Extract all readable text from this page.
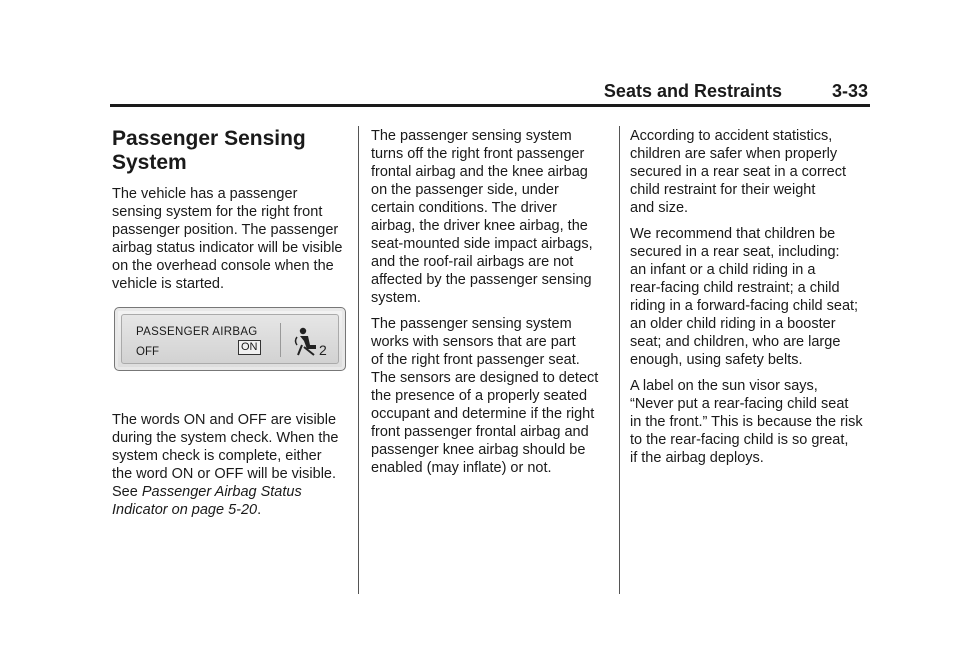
Seats and Restraints	3-33
Passenger Sensing
System

The vehicle has a passenger
sensing system for the right front
passenger position. The passenger
airbag status indicator will be visible
on the overhead console when the
vehicle is started.

PASSENGER AIRBAG
OFF	ON	2

The words ON and OFF are visible
during the system check. When the
system check is complete, either
the word ON or OFF will be visible.
See Passenger Airbag Status
Indicator on page 5-20.

The passenger sensing system
turns off the right front passenger
frontal airbag and the knee airbag
on the passenger side, under
certain conditions. The driver
airbag, the driver knee airbag, the
seat-mounted side impact airbags,
and the roof-rail airbags are not
affected by the passenger sensing
system.

The passenger sensing system
works with sensors that are part
of the right front passenger seat.
The sensors are designed to detect
the presence of a properly seated
occupant and determine if the right
front passenger frontal airbag and
passenger knee airbag should be
enabled (may inflate) or not.

According to accident statistics,
children are safer when properly
secured in a rear seat in a correct
child restraint for their weight
and size.

We recommend that children be
secured in a rear seat, including:
an infant or a child riding in a
rear-facing child restraint; a child
riding in a forward-facing child seat;
an older child riding in a booster
seat; and children, who are large
enough, using safety belts.

A label on the sun visor says,
“Never put a rear-facing child seat
in the front.” This is because the risk
to the rear-facing child is so great,
if the airbag deploys.
